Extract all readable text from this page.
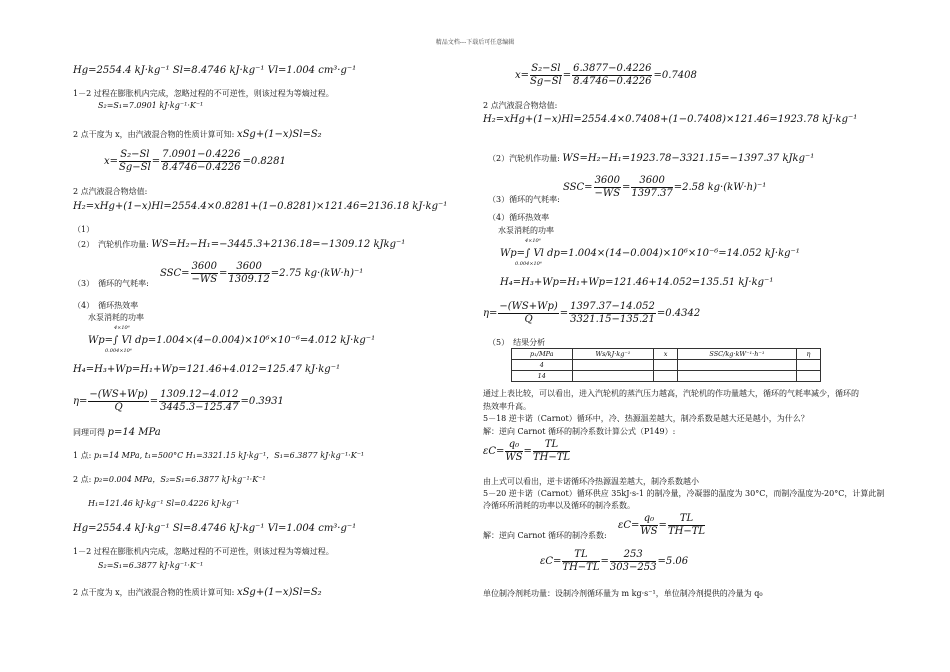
精品文档---下载后可任意编辑
Hg=2554.4 kJ·kg⁻¹ Sl=8.4746 kJ·kg⁻¹ Vl=1.004 cm³·g⁻¹
1－2 过程在膨胀机内完成，忽略过程的不可逆性，则该过程为等熵过程。
S₂=S₁=7.0901 kJ·kg⁻¹·K⁻¹
2 点干度为 x，由汽液混合物的性质计算可知: xSg+(1−x)Sl=S₂
$x= \frac{\text{S₂−Sl}}{Sg-Sl} = \frac{7.0901-0.4226}{8.4746-0.4226} =0.8281$
2 点汽液混合物焓值:
H₂=xHg+(1−x)Hl=2554.4×0.8281+(1−0.8281)×121.46=2136.18 kJ·kg⁻¹
（1）
（2）　汽轮机作功量: WS=H₂−H₁=−3445.3+2136.18=−1309.12 kJkg⁻¹
$SSC= \frac{3600}{-WS} = \frac{3600}{1309.12} =2.75$ kg·(kW·h)⁻¹
（3）　循环的气耗率:
（4）　循环热效率
水泵消耗的功率
4×10⁶
Wp=∫ Vl dp=1.004×(4−0.004)×10⁶×10⁻⁶=4.012 kJ·kg⁻¹
0.004×10⁶
H₄=H₃+Wp=H₁+Wp=121.46+4.012=125.47 kJ·kg⁻¹
$\eta= \frac{-(WS+Wp)}{Q} = \frac{1309.12-4.012}{3445.3-125.47} =0.3931$
同理可得 p=14 MPa
1 点: p₁=14 MPa, t₁=500°C H₁=3321.15 kJ·kg⁻¹，S₁=6.3877 kJ·kg⁻¹·K⁻¹
2 点: p₂=0.004 MPa，S₂=S₁=6.3877 kJ·kg⁻¹·K⁻¹
H₁=121.46 kJ·kg⁻¹ Sl=0.4226 kJ·kg⁻¹
Hg=2554.4 kJ·kg⁻¹ Sl=8.4746 kJ·kg⁻¹ Vl=1.004 cm³·g⁻¹
1－2 过程在膨胀机内完成，忽略过程的不可逆性，则该过程为等熵过程。
S₂=S₁=6.3877 kJ·kg⁻¹·K⁻¹
2 点干度为 x，由汽液混合物的性质计算可知: xSg+(1−x)Sl=S₂
$x= \frac{\text{S₂−Sl}}{Sg-Sl} = \frac{6.3877-0.4226}{8.4746-0.4226} =0.7408$
2 点汽液混合物焓值:
H₂=xHg+(1−x)Hl=2554.4×0.7408+(1−0.7408)×121.46=1923.78 kJ·kg⁻¹
（2）汽轮机作功量: WS=H₂−H₁=1923.78−3321.15=−1397.37 kJkg⁻¹
$SSC= \frac{3600}{-WS} = \frac{3600}{1397.37} =2.58$ kg·(kW·h)⁻¹
（3）循环的气耗率:
（4）循环热效率
水泵消耗的功率
4×10⁶
Wp=∫ Vl dp=1.004×(14−0.004)×10⁶×10⁻⁶=14.052 kJ·kg⁻¹
0.004×10⁶
H₄=H₃+Wp=H₁+Wp=121.46+14.052=135.51 kJ·kg⁻¹
$\eta= \frac{-(WS+Wp)}{Q} = \frac{1397.37-14.052}{3321.15-135.21} =0.4342$
（5）　结果分析
p₁/MPa	Ws/kJ·kg⁻¹	x	SSC/kg·kW⁻¹·h⁻¹	η
4				
14				
通过上表比较，可以看出，进入汽轮机的蒸汽压力越高，汽轮机的作功量越大，循环的气耗率减少，循环的
热效率升高。
5－18 逆卡诺（Carnot）循环中，冷、热源温差越大，制冷系数是越大还是越小，为什么？
解：逆向 Carnot 循环的制冷系数计算公式（P149）:
$\varepsilon C= \frac{\text{q₀}}{WS} = \frac{TL}{TH-TL}$
由上式可以看出，逆卡诺循环冷热源温差越大，制冷系数越小
5－20 逆卡诺（Carnot）循环供应 35kJ·s-1 的制冷量，冷凝器的温度为 30°C，而制冷温度为-20°C，计算此制
冷循环所消耗的功率以及循环的制冷系数。
解：逆向 Carnot 循环的制冷系数:
$\varepsilon C= \frac{\text{q₀}}{WS} = \frac{TL}{TH-TL}$
$\varepsilon C= \frac{TL}{TH-TL} = \frac{253}{303-253} =5.06$
单位制冷剂耗功量：设制冷剂循环量为 m kg·s⁻¹，单位制冷剂提供的冷量为 q₀
